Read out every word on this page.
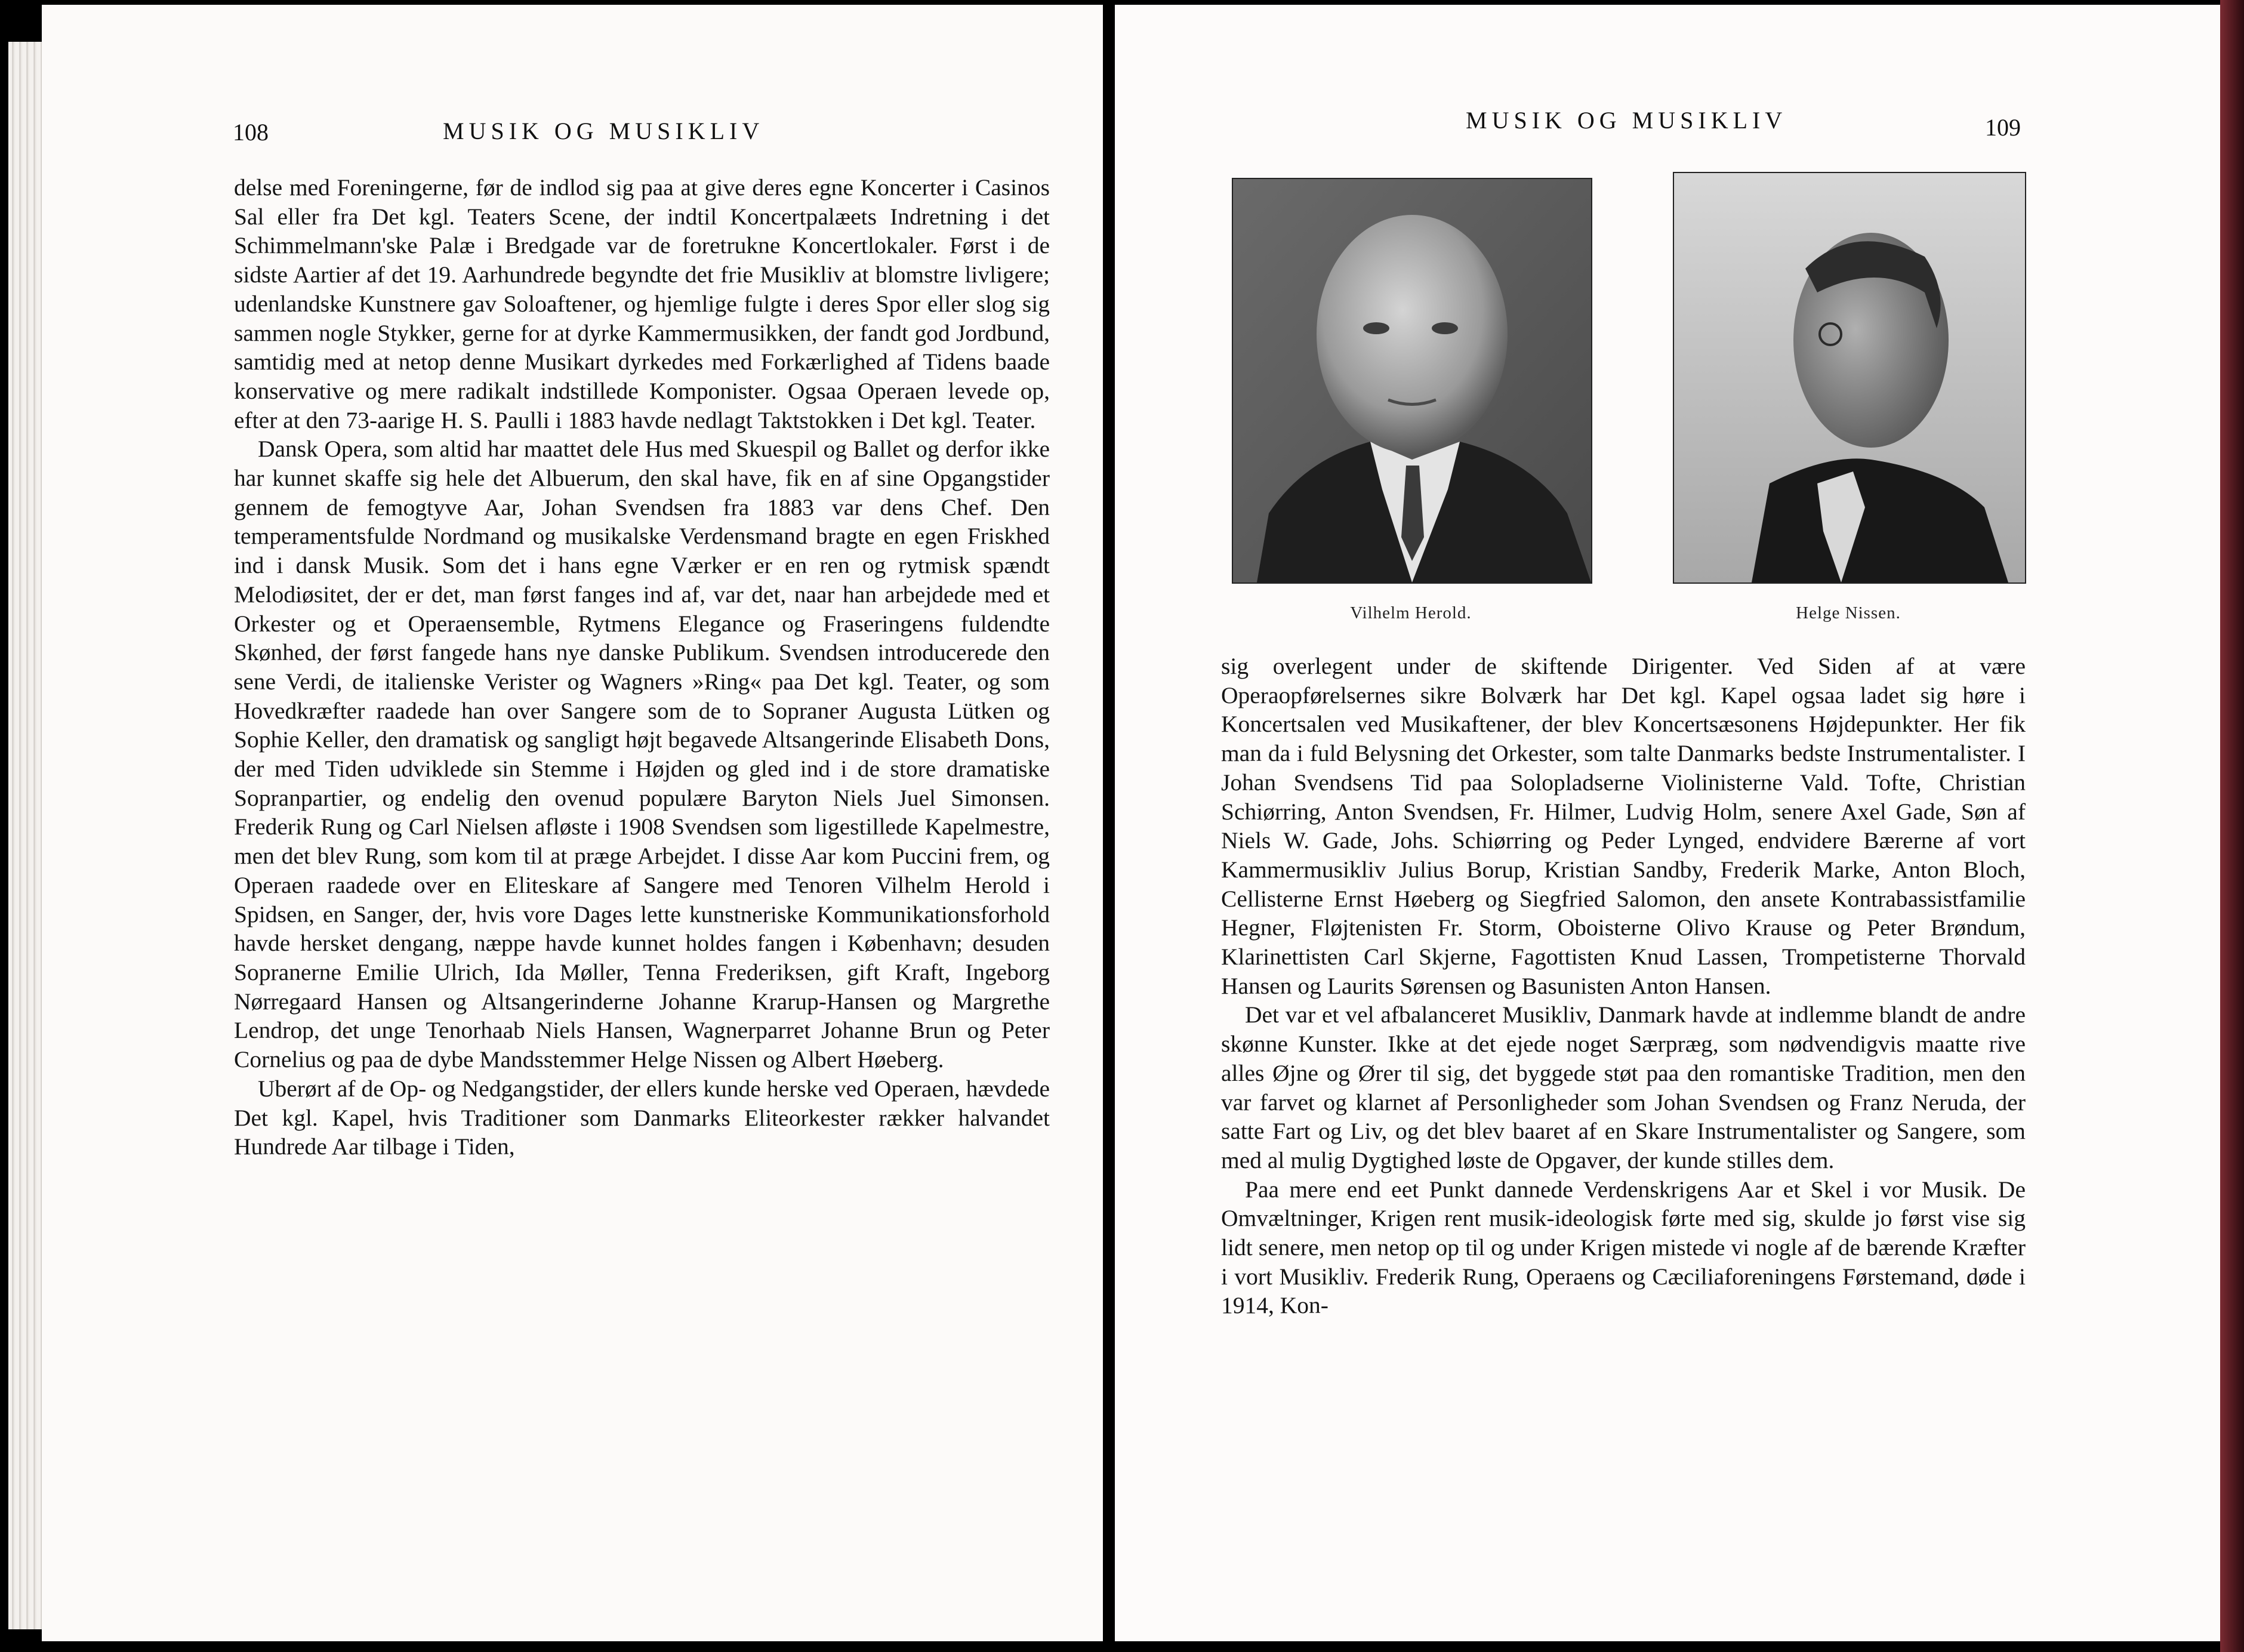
108	MUSIK OG MUSIKLIV

delse med Foreningerne, før de indlod sig paa at give deres egne Koncerter i Casinos Sal eller fra Det kgl. Teaters Scene, der indtil Koncertpalæets Indretning i det Schimmelmann'ske Palæ i Bredgade var de foretrukne Koncertlokaler. Først i de sidste Aartier af det 19. Aarhundrede begyndte det frie Musikliv at blomstre livligere; udenlandske Kunstnere gav Soloaftener, og hjemlige fulgte i deres Spor eller slog sig sammen nogle Stykker, gerne for at dyrke Kammermusikken, der fandt god Jordbund, samtidig med at netop denne Musikart dyrkedes med Forkærlighed af Tidens baade konservative og mere radikalt indstillede Komponister. Ogsaa Operaen levede op, efter at den 73-aarige H. S. Paulli i 1883 havde nedlagt Taktstokken i Det kgl. Teater.

Dansk Opera, som altid har maattet dele Hus med Skuespil og Ballet og derfor ikke har kunnet skaffe sig hele det Albuerum, den skal have, fik en af sine Opgangstider gennem de femogtyve Aar, Johan Svendsen fra 1883 var dens Chef. Den temperamentsfulde Nordmand og musikalske Verdensmand bragte en egen Friskhed ind i dansk Musik. Som det i hans egne Værker er en ren og rytmisk spændt Melodiøsitet, der er det, man først fanges ind af, var det, naar han arbejdede med et Orkester og et Operaensemble, Rytmens Elegance og Fraseringens fuldendte Skønhed, der først fangede hans nye danske Publikum. Svendsen introducerede den sene Verdi, de italienske Verister og Wagners »Ring« paa Det kgl. Teater, og som Hovedkræfter raadede han over Sangere som de to Sopraner Augusta Lütken og Sophie Keller, den dramatisk og sangligt højt begavede Altsangerinde Elisabeth Dons, der med Tiden udviklede sin Stemme i Højden og gled ind i de store dramatiske Sopranpartier, og endelig den ovenud populære Baryton Niels Juel Simonsen. Frederik Rung og Carl Nielsen afløste i 1908 Svendsen som ligestillede Kapelmestre, men det blev Rung, som kom til at præge Arbejdet. I disse Aar kom Puccini frem, og Operaen raadede over en Eliteskare af Sangere med Tenoren Vilhelm Herold i Spidsen, en Sanger, der, hvis vore Dages lette kunstneriske Kommunikationsforhold havde hersket dengang, næppe havde kunnet holdes fangen i København; desuden Sopranerne Emilie Ulrich, Ida Møller, Tenna Frederiksen, gift Kraft, Ingeborg Nørregaard Hansen og Altsangerinderne Johanne Krarup-Hansen og Margrethe Lendrop, det unge Tenorhaab Niels Hansen, Wagnerparret Johanne Brun og Peter Cornelius og paa de dybe Mandsstemmer Helge Nissen og Albert Høeberg.

Uberørt af de Op- og Nedgangstider, der ellers kunde herske ved Operaen, hævdede Det kgl. Kapel, hvis Traditioner som Danmarks Eliteorkester rækker halvandet Hundrede Aar tilbage i Tiden,

MUSIK OG MUSIKLIV	109
Vilhelm Herold.	Helge Nissen.

sig overlegent under de skiftende Dirigenter. Ved Siden af at være Operaopførelsernes sikre Bolværk har Det kgl. Kapel ogsaa ladet sig høre i Koncertsalen ved Musikaftener, der blev Koncertsæsonens Højdepunkter. Her fik man da i fuld Belysning det Orkester, som talte Danmarks bedste Instrumentalister. I Johan Svendsens Tid paa Solopladserne Violinisterne Vald. Tofte, Christian Schiørring, Anton Svendsen, Fr. Hilmer, Ludvig Holm, senere Axel Gade, Søn af Niels W. Gade, Johs. Schiørring og Peder Lynged, endvidere Bærerne af vort Kammermusikliv Julius Borup, Kristian Sandby, Frederik Marke, Anton Bloch, Cellisterne Ernst Høeberg og Siegfried Salomon, den ansete Kontrabassistfamilie Hegner, Fløjtenisten Fr. Storm, Oboisterne Olivo Krause og Peter Brøndum, Klarinettisten Carl Skjerne, Fagottisten Knud Lassen, Trompetisterne Thorvald Hansen og Laurits Sørensen og Basunisten Anton Hansen.

Det var et vel afbalanceret Musikliv, Danmark havde at indlemme blandt de andre skønne Kunster. Ikke at det ejede noget Særpræg, som nødvendigvis maatte rive alles Øjne og Ører til sig, det byggede støt paa den romantiske Tradition, men den var farvet og klarnet af Personligheder som Johan Svendsen og Franz Neruda, der satte Fart og Liv, og det blev baaret af en Skare Instrumentalister og Sangere, som med al mulig Dygtighed løste de Opgaver, der kunde stilles dem.

Paa mere end eet Punkt dannede Verdenskrigens Aar et Skel i vor Musik. De Omvæltninger, Krigen rent musik-ideologisk førte med sig, skulde jo først vise sig lidt senere, men netop op til og under Krigen mistede vi nogle af de bærende Kræfter i vort Musikliv. Frederik Rung, Operaens og Cæciliaforeningens Førstemand, døde i 1914, Kon-
